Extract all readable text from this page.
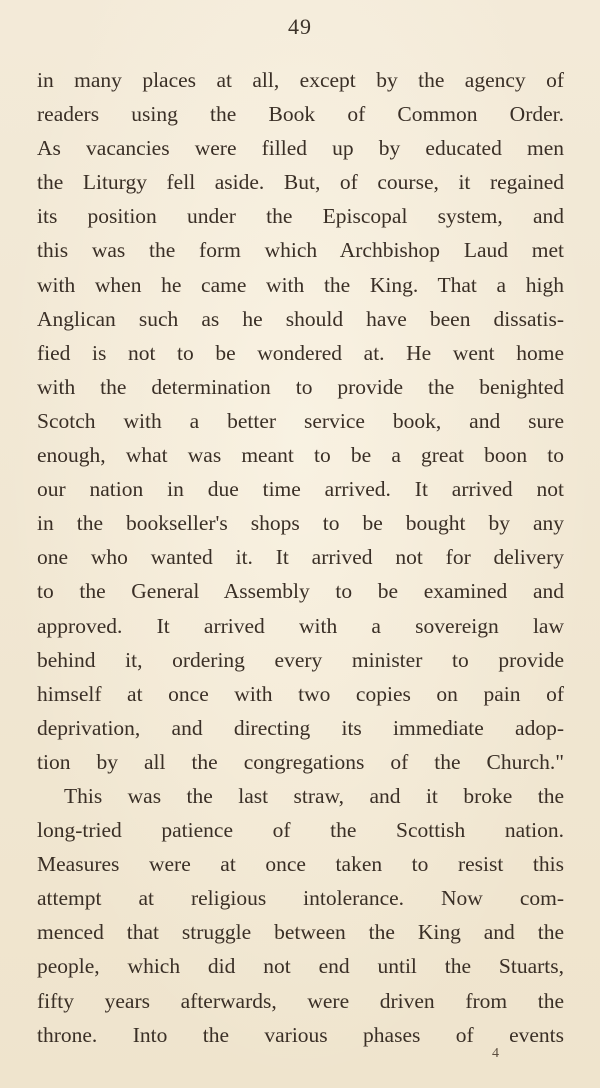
49
in many places at all, except by the agency of
readers using the Book of Common Order.
As vacancies were filled up by educated men
the Liturgy fell aside. But, of course, it regained
its position under the Episcopal system, and
this was the form which Archbishop Laud met
with when he came with the King. That a high
Anglican such as he should have been dissatis-
fied is not to be wondered at. He went home
with the determination to provide the benighted
Scotch with a better service book, and sure
enough, what was meant to be a great boon to
our nation in due time arrived. It arrived not
in the bookseller's shops to be bought by any
one who wanted it. It arrived not for delivery
to the General Assembly to be examined and
approved. It arrived with a sovereign law
behind it, ordering every minister to provide
himself at once with two copies on pain of
deprivation, and directing its immediate adop-
tion by all the congregations of the Church."
This was the last straw, and it broke the
long-tried patience of the Scottish nation.
Measures were at once taken to resist this
attempt at religious intolerance. Now com-
menced that struggle between the King and the
people, which did not end until the Stuarts,
fifty years afterwards, were driven from the
throne. Into the various phases of events
4
